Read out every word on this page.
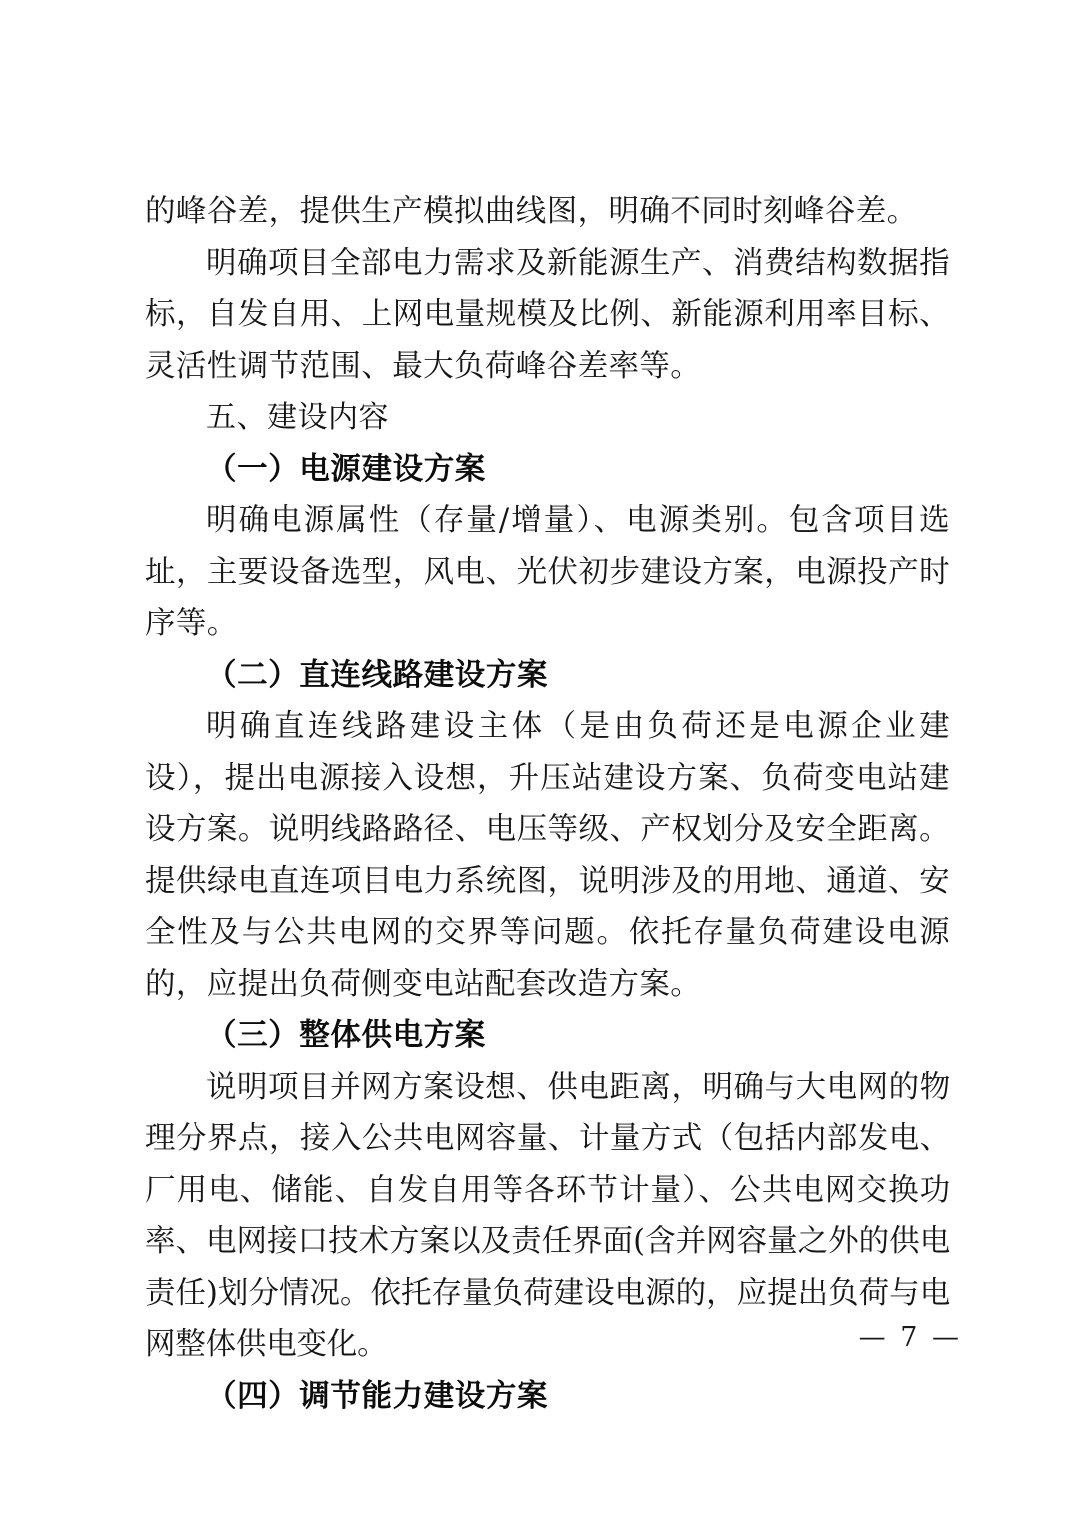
的峰谷差，提供生产模拟曲线图，明确不同时刻峰谷差。

明确项目全部电力需求及新能源生产、消费结构数据指标，自发自用、上网电量规模及比例、新能源利用率目标、灵活性调节范围、最大负荷峰谷差率等。

五、建设内容
（一）电源建设方案

明确电源属性（存量/增量）、电源类别。包含项目选址，主要设备选型，风电、光伏初步建设方案，电源投产时序等。

（二）直连线路建设方案

明确直连线路建设主体（是由负荷还是电源企业建设），提出电源接入设想，升压站建设方案、负荷变电站建设方案。说明线路路径、电压等级、产权划分及安全距离。提供绿电直连项目电力系统图，说明涉及的用地、通道、安全性及与公共电网的交界等问题。依托存量负荷建设电源的，应提出负荷侧变电站配套改造方案。

（三）整体供电方案

说明项目并网方案设想、供电距离，明确与大电网的物理分界点，接入公共电网容量、计量方式（包括内部发电、厂用电、储能、自发自用等各环节计量）、公共电网交换功率、电网接口技术方案以及责任界面(含并网容量之外的供电责任)划分情况。依托存量负荷建设电源的，应提出负荷与电网整体供电变化。

（四）调节能力建设方案
— 7 —
